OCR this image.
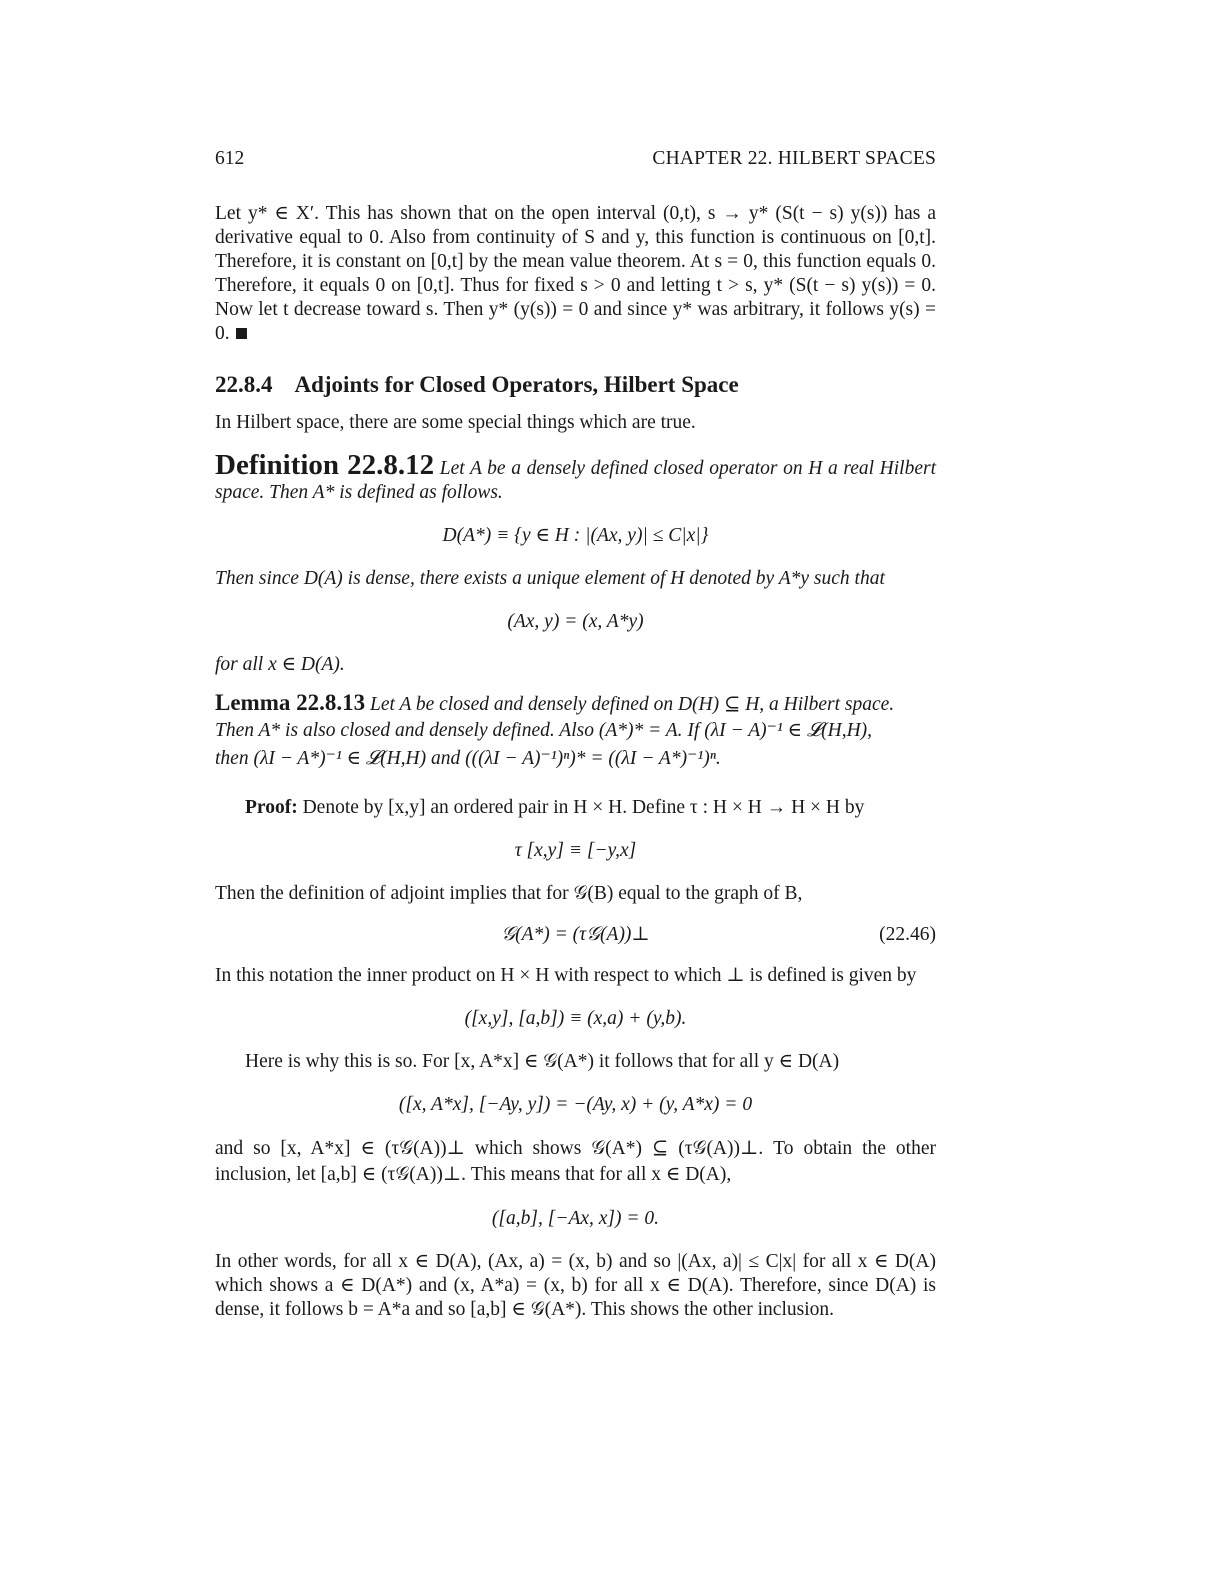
612	CHAPTER 22. HILBERT SPACES

Let y* ∈ X′. This has shown that on the open interval (0,t), s → y* (S(t − s) y(s)) has a derivative equal to 0. Also from continuity of S and y, this function is continuous on [0,t]. Therefore, it is constant on [0,t] by the mean value theorem. At s = 0, this function equals 0. Therefore, it equals 0 on [0,t]. Thus for fixed s > 0 and letting t > s, y* (S(t − s) y(s)) = 0. Now let t decrease toward s. Then y* (y(s)) = 0 and since y* was arbitrary, it follows y(s) = 0.

22.8.4 Adjoints for Closed Operators, Hilbert Space

In Hilbert space, there are some special things which are true.

Definition 22.8.12 Let A be a densely defined closed operator on H a real Hilbert space. Then A* is defined as follows.

D(A*) ≡ {y ∈ H : |(Ax, y)| ≤ C|x|}

Then since D(A) is dense, there exists a unique element of H denoted by A*y such that

(Ax, y) = (x, A*y)

for all x ∈ D(A).

Lemma 22.8.13 Let A be closed and densely defined on D(H) ⊆ H, a Hilbert space.

Then A* is also closed and densely defined. Also (A*)* = A. If (λI − A)⁻¹ ∈ 𝓛(H,H),

then (λI − A*)⁻¹ ∈ 𝓛(H,H) and (((λI − A)⁻¹)ⁿ)* = ((λI − A*)⁻¹)ⁿ.

Proof: Denote by [x,y] an ordered pair in H × H. Define τ : H × H → H × H by

τ [x,y] ≡ [−y,x]

Then the definition of adjoint implies that for 𝒢(B) equal to the graph of B,

𝒢(A*) = (τ𝒢(A))⊥	(22.46)

In this notation the inner product on H × H with respect to which ⊥ is defined is given by

([x,y], [a,b]) ≡ (x,a) + (y,b).

Here is why this is so. For [x, A*x] ∈ 𝒢(A*) it follows that for all y ∈ D(A)

([x, A*x], [−Ay, y]) = −(Ay, x) + (y, A*x) = 0

and so [x, A*x] ∈ (τ𝒢(A))⊥ which shows 𝒢(A*) ⊆ (τ𝒢(A))⊥. To obtain the other inclusion, let [a,b] ∈ (τ𝒢(A))⊥. This means that for all x ∈ D(A),

([a,b], [−Ax, x]) = 0.

In other words, for all x ∈ D(A), (Ax, a) = (x, b) and so |(Ax, a)| ≤ C|x| for all x ∈ D(A) which shows a ∈ D(A*) and (x, A*a) = (x, b) for all x ∈ D(A). Therefore, since D(A) is dense, it follows b = A*a and so [a,b] ∈ 𝒢(A*). This shows the other inclusion.
